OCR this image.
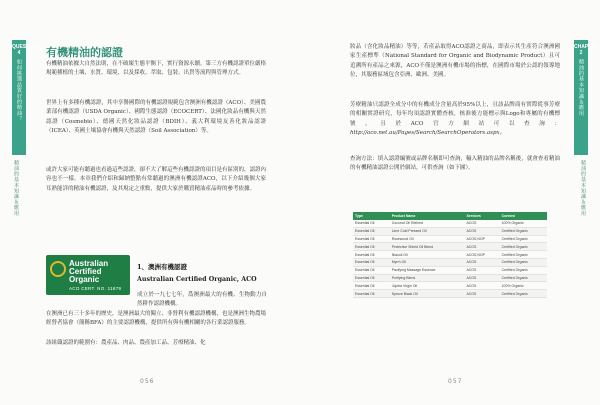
QUESTION 4
如何挑選品質好的精油？
精油的基本知識＆應用
有機精油的認證

有機精油依據大自然法則，在不破壞生態平衡下，實行資源永續。第三方有機認證單位嚴格規範種植的土壤、水質、環境，以及採收、萃取、包裝、出貨等流程與管理方式。

世界上有多種有機認證，其中享譽國際的有機認證規範包含澳洲有機認證（ACO）、美國農業部有機認證（USDA Organic）、國際生態認證（ECOCERT）、法國化妝品有機與天然認證（Cosmebio）、德國天然化妝品認證（BDIH）、義大利環境友善化妝品認證（ICEA）、英國土壤協會有機與天然認證（Soil Association）等。

或許大家可能有聽過也看過這些認證，卻不大了解這些有機認證的項目是有區別的，認證內容也不一樣。本章我們介紹和歸納整點有常聽過的澳洲有機認證ACO，以下介紹幾個大家耳熟能詳的精油有機認證，及其規定之重點，提供大家於購買精油產品時的參考依據。

Australian
Certified
Organic
ACO CERT. NO. 11879
1、澳洲有機認證
Australian Certified Organic, ACO

成立於一九七七年，爲澳洲最大的有機、生物動力自然耕作認證機構。

在澳洲已有三十多年的歷史，是澳洲最大的獨立、非營利有機認證機構，也是澳洲生物農場經營者協會（簡稱BFA）的主要認證機構，提供所有與有機相關的各行業認證服務。

該組織認證的範圍有：農產品、肉品、農產加工品、芳療精油、化

056
CHAPTER 2
精油的基本知識＆應用
精油的基本知識＆應用

妝品（含化妝品精油）等等，若產品取得ACO認證之商品，即表示其生產符合澳洲國家生產標準（National Standard for Organic and Biodynamic Product）且可追溯所有產品之來源，ACO不僅是澳洲有機市場的指標，在國際市場於公認的領導地位，其服務區域包含亞洲、歐洲、美國。

芳療精油只認證全成分中的有機成分含量高於95%以上，且該品牌商有實際從事芳療的相關實證研究，每年均須認證實體查核，核准後方能標示與Logo和專屬的有機標號，且於ACO官方網站可以查詢：http://aco.net.au/Pages/Search/SearchOperators.aspx。

查詢方法：填入認證編號或品牌名稱即可查詢，輸入精油的品牌名稱後，就會查看精油的有機精油認證公開於網站，可供查詢（如下圖）。

Type	Product Name	Services	Content
Essential Oil	Coconut Oil Refined	ACOS	100% Organic
Essential Oil	Lime Cold Pressed Oil	ACOS	Certified Organic
Essential Oil	Rosewood Oil	ACOS,NOP	Certified Organic
Essential Oil	Protective Shield Oil Blend	ACOS	Certified Organic
Essential Oil	Niaouli Oil	ACOS,NOP	Certified Organic
Essential Oil	Myrrh Oil	ACOS	Certified Organic
Essential Oil	Pacifying Massage Essence	ACOS	Certified Organic
Essential Oil	Purifying Blend	ACOS	Certified Organic
Essential Oil	Jojoba Virgin Oil	ACOS	100% Organic
Essential Oil	Spruce Black Oil	ACOS	Certified Organic
057
